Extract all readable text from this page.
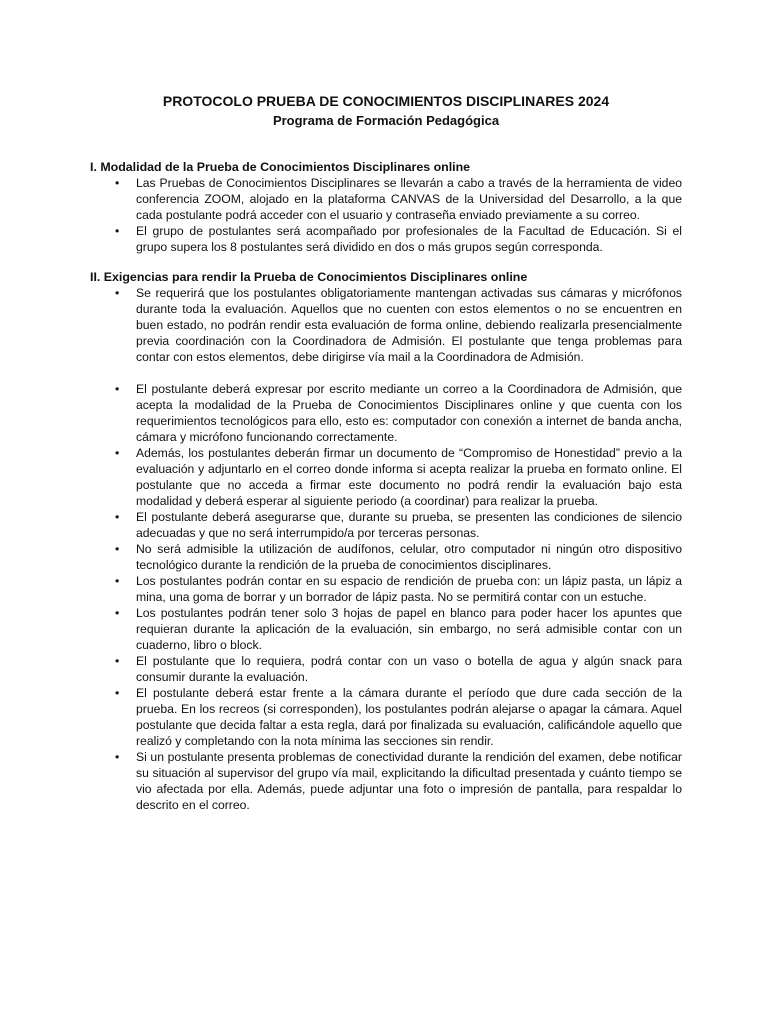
PROTOCOLO PRUEBA DE CONOCIMIENTOS DISCIPLINARES 2024
Programa de Formación Pedagógica
I. Modalidad de la Prueba de Conocimientos Disciplinares online
• Las Pruebas de Conocimientos Disciplinares se llevarán a cabo a través de la herramienta de video conferencia ZOOM, alojado en la plataforma CANVAS de la Universidad del Desarrollo, a la que cada postulante podrá acceder con el usuario y contraseña enviado previamente a su correo.
• El grupo de postulantes será acompañado por profesionales de la Facultad de Educación. Si el grupo supera los 8 postulantes será dividido en dos o más grupos según corresponda.
II. Exigencias para rendir la Prueba de Conocimientos Disciplinares online
• Se requerirá que los postulantes obligatoriamente mantengan activadas sus cámaras y micrófonos durante toda la evaluación. Aquellos que no cuenten con estos elementos o no se encuentren en buen estado, no podrán rendir esta evaluación de forma online, debiendo realizarla presencialmente previa coordinación con la Coordinadora de Admisión. El postulante que tenga problemas para contar con estos elementos, debe dirigirse vía mail a la Coordinadora de Admisión.
• El postulante deberá expresar por escrito mediante un correo a la Coordinadora de Admisión, que acepta la modalidad de la Prueba de Conocimientos Disciplinares online y que cuenta con los requerimientos tecnológicos para ello, esto es: computador con conexión a internet de banda ancha, cámara y micrófono funcionando correctamente.
• Además, los postulantes deberán firmar un documento de “Compromiso de Honestidad” previo a la evaluación y adjuntarlo en el correo donde informa si acepta realizar la prueba en formato online. El postulante que no acceda a firmar este documento no podrá rendir la evaluación bajo esta modalidad y deberá esperar al siguiente periodo (a coordinar) para realizar la prueba.
• El postulante deberá asegurarse que, durante su prueba, se presenten las condiciones de silencio adecuadas y que no será interrumpido/a por terceras personas.
• No será admisible la utilización de audífonos, celular, otro computador ni ningún otro dispositivo tecnológico durante la rendición de la prueba de conocimientos disciplinares.
• Los postulantes podrán contar en su espacio de rendición de prueba con: un lápiz pasta, un lápiz a mina, una goma de borrar y un borrador de lápiz pasta. No se permitirá contar con un estuche.
• Los postulantes podrán tener solo 3 hojas de papel en blanco para poder hacer los apuntes que requieran durante la aplicación de la evaluación, sin embargo, no será admisible contar con un cuaderno, libro o block.
• El postulante que lo requiera, podrá contar con un vaso o botella de agua y algún snack para consumir durante la evaluación.
• El postulante deberá estar frente a la cámara durante el período que dure cada sección de la prueba. En los recreos (si corresponden), los postulantes podrán alejarse o apagar la cámara. Aquel postulante que decida faltar a esta regla, dará por finalizada su evaluación, calificándole aquello que realizó y completando con la nota mínima las secciones sin rendir.
• Si un postulante presenta problemas de conectividad durante la rendición del examen, debe notificar su situación al supervisor del grupo vía mail, explicitando la dificultad presentada y cuánto tiempo se vio afectada por ella. Además, puede adjuntar una foto o impresión de pantalla, para respaldar lo descrito en el correo.
